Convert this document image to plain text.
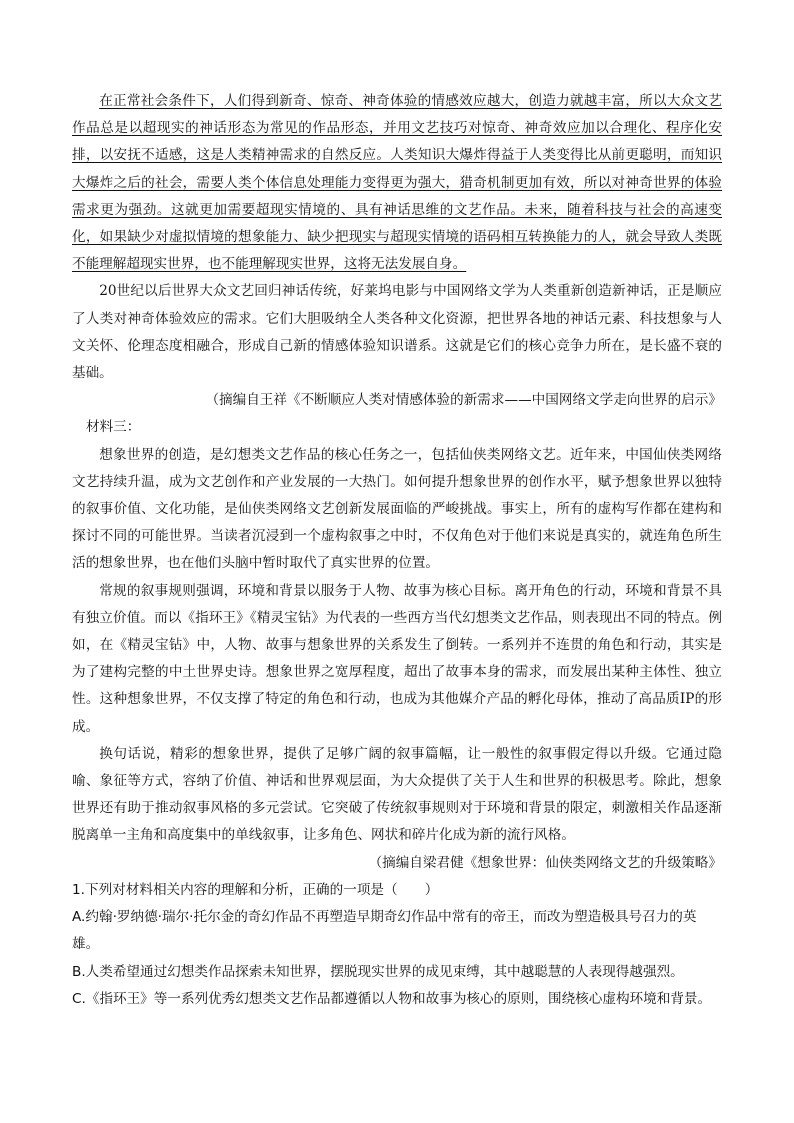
在正常社会条件下，人们得到新奇、惊奇、神奇体验的情感效应越大，创造力就越丰富，所以大众文艺作品总是以超现实的神话形态为常见的作品形态，并用文艺技巧对惊奇、神奇效应加以合理化、程序化安排，以安抚不适感，这是人类精神需求的自然反应。人类知识大爆炸得益于人类变得比从前更聪明，而知识大爆炸之后的社会，需要人类个体信息处理能力变得更为强大，猎奇机制更加有效，所以对神奇世界的体验需求更为强劲。这就更加需要超现实情境的、具有神话思维的文艺作品。未来，随着科技与社会的高速变化，如果缺少对虚拟情境的想象能力、缺少把现实与超现实情境的语码相互转换能力的人，就会导致人类既不能理解超现实世界，也不能理解现实世界，这将无法发展自身。

20世纪以后世界大众文艺回归神话传统，好莱坞电影与中国网络文学为人类重新创造新神话，正是顺应了人类对神奇体验效应的需求。它们大胆吸纳全人类各种文化资源，把世界各地的神话元素、科技想象与人文关怀、伦理态度相融合，形成自己新的情感体验知识谱系。这就是它们的核心竞争力所在，是长盛不衰的基础。

（摘编自王祥《不断顺应人类对情感体验的新需求——中国网络文学走向世界的启示》

材料三：

想象世界的创造，是幻想类文艺作品的核心任务之一，包括仙侠类网络文艺。近年来，中国仙侠类网络文艺持续升温，成为文艺创作和产业发展的一大热门。如何提升想象世界的创作水平，赋予想象世界以独特的叙事价值、文化功能，是仙侠类网络文艺创新发展面临的严峻挑战。事实上，所有的虚构写作都在建构和探讨不同的可能世界。当读者沉浸到一个虚构叙事之中时，不仅角色对于他们来说是真实的，就连角色所生活的想象世界，也在他们头脑中暂时取代了真实世界的位置。

常规的叙事规则强调，环境和背景以服务于人物、故事为核心目标。离开角色的行动，环境和背景不具有独立价值。而以《指环王》《精灵宝钻》为代表的一些西方当代幻想类文艺作品，则表现出不同的特点。例如，在《精灵宝钻》中，人物、故事与想象世界的关系发生了倒转。一系列并不连贯的角色和行动，其实是为了建构完整的中土世界史诗。想象世界之宽厚程度，超出了故事本身的需求，而发展出某种主体性、独立性。这种想象世界，不仅支撑了特定的角色和行动，也成为其他媒介产品的孵化母体，推动了高品质IP的形成。

换句话说，精彩的想象世界，提供了足够广阔的叙事篇幅，让一般性的叙事假定得以升级。它通过隐喻、象征等方式，容纳了价值、神话和世界观层面，为大众提供了关于人生和世界的积极思考。除此，想象世界还有助于推动叙事风格的多元尝试。它突破了传统叙事规则对于环境和背景的限定，刺激相关作品逐渐脱离单一主角和高度集中的单线叙事，让多角色、网状和碎片化成为新的流行风格。

（摘编自梁君健《想象世界：仙侠类网络文艺的升级策略》

1.下列对材料相关内容的理解和分析，正确的一项是（　　）

A.约翰·罗纳德·瑞尔·托尔金的奇幻作品不再塑造早期奇幻作品中常有的帝王，而改为塑造极具号召力的英雄。

B.人类希望通过幻想类作品探索未知世界，摆脱现实世界的成见束缚，其中越聪慧的人表现得越强烈。

C.《指环王》等一系列优秀幻想类文艺作品都遵循以人物和故事为核心的原则，围绕核心虚构环境和背景。
